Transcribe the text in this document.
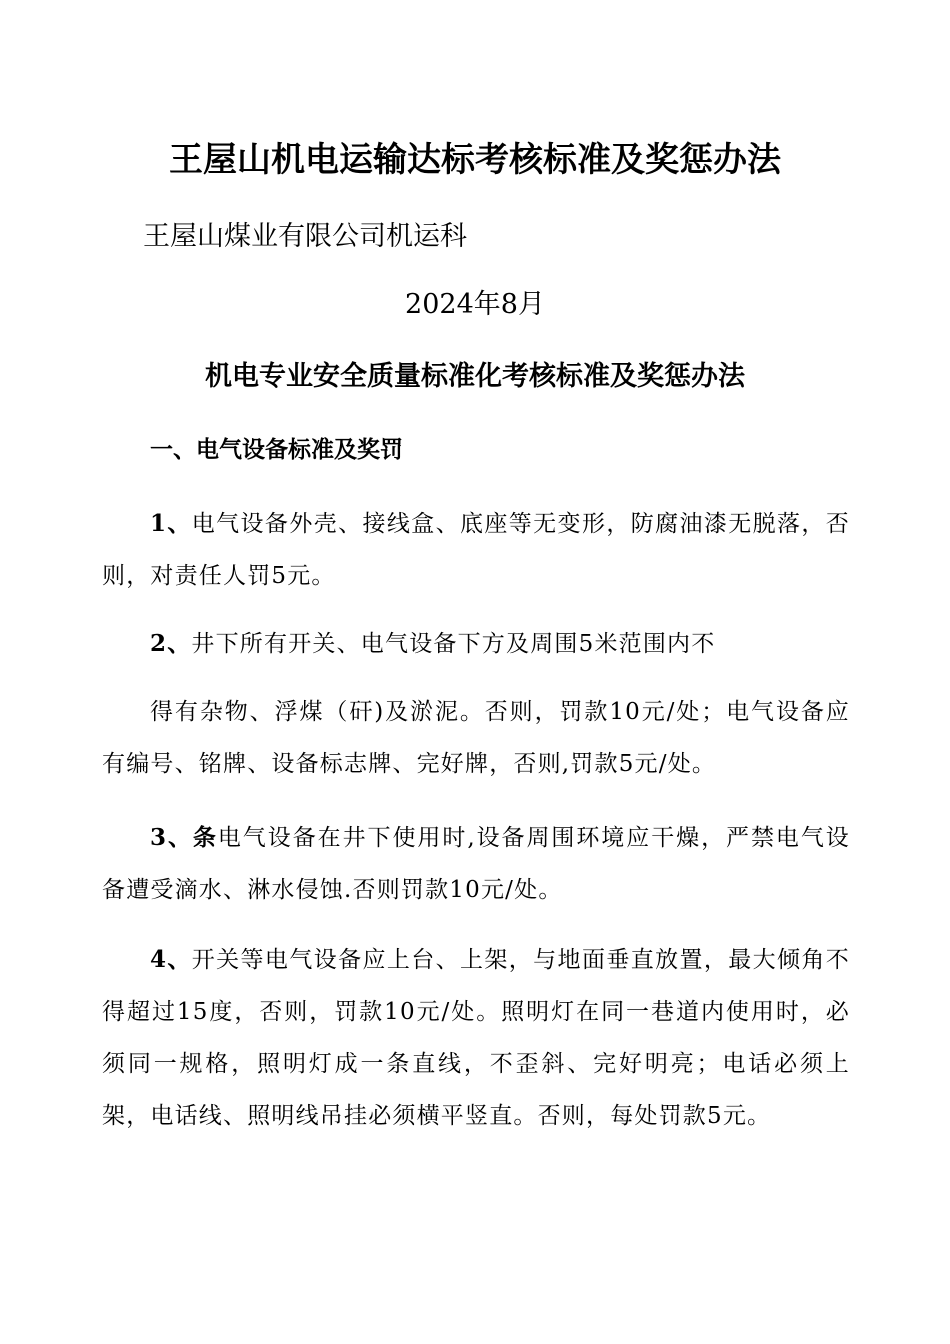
王屋山机电运输达标考核标准及奖惩办法
王屋山煤业有限公司机运科
2024年8月
机电专业安全质量标准化考核标准及奖惩办法
一、电气设备标准及奖罚
1、电气设备外壳、接线盒、底座等无变形，防腐油漆无脱落，否则，对责任人罚5元。
2、井下所有开关、电气设备下方及周围5米范围内不
得有杂物、浮煤（矸)及淤泥。否则，罚款10元/处；电气设备应有编号、铭牌、设备标志牌、完好牌，否则,罚款5元/处。
3、条电气设备在井下使用时,设备周围环境应干燥，严禁电气设备遭受滴水、淋水侵蚀.否则罚款10元/处。
4、开关等电气设备应上台、上架，与地面垂直放置，最大倾角不得超过15度，否则，罚款10元/处。照明灯在同一巷道内使用时，必须同一规格，照明灯成一条直线，不歪斜、完好明亮；电话必须上架，电话线、照明线吊挂必须横平竖直。否则，每处罚款5元。
